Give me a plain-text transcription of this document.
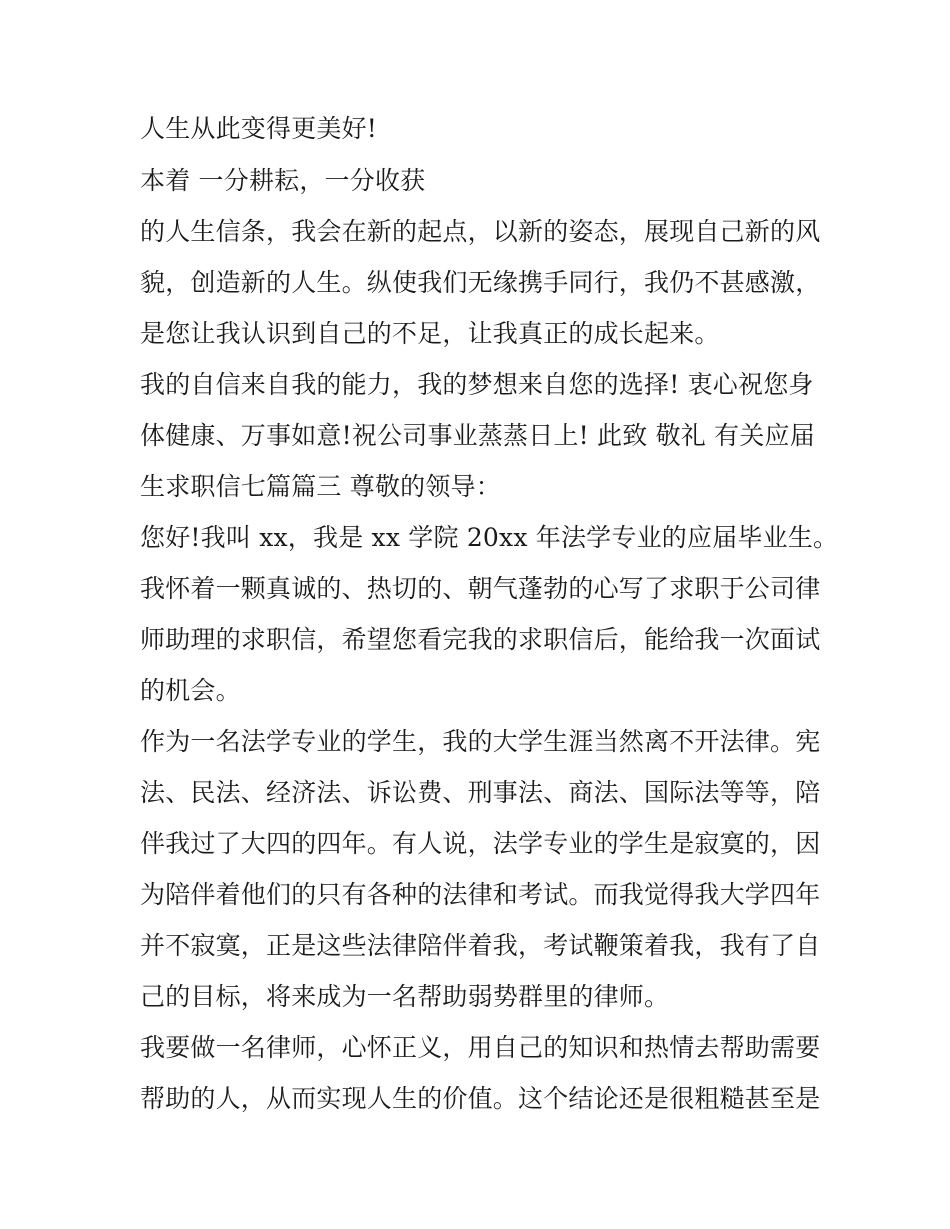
人生从此变得更美好!
本着 一分耕耘，一分收获
的人生信条，我会在新的起点，以新的姿态，展现自己新的风
貌，创造新的人生。纵使我们无缘携手同行，我仍不甚感激，
是您让我认识到自己的不足，让我真正的成长起来。
我的自信来自我的能力，我的梦想来自您的选择! 衷心祝您身
体健康、万事如意!祝公司事业蒸蒸日上! 此致 敬礼 有关应届
生求职信七篇篇三 尊敬的领导：
您好!我叫 xx，我是 xx 学院 20xx 年法学专业的应届毕业生。
我怀着一颗真诚的、热切的、朝气蓬勃的心写了求职于公司律
师助理的求职信，希望您看完我的求职信后，能给我一次面试
的机会。
作为一名法学专业的学生，我的大学生涯当然离不开法律。宪
法、民法、经济法、诉讼费、刑事法、商法、国际法等等，陪
伴我过了大四的四年。有人说，法学专业的学生是寂寞的，因
为陪伴着他们的只有各种的法律和考试。而我觉得我大学四年
并不寂寞，正是这些法律陪伴着我，考试鞭策着我，我有了自
己的目标，将来成为一名帮助弱势群里的律师。
我要做一名律师，心怀正义，用自己的知识和热情去帮助需要
帮助的人，从而实现人生的价值。这个结论还是很粗糙甚至是
